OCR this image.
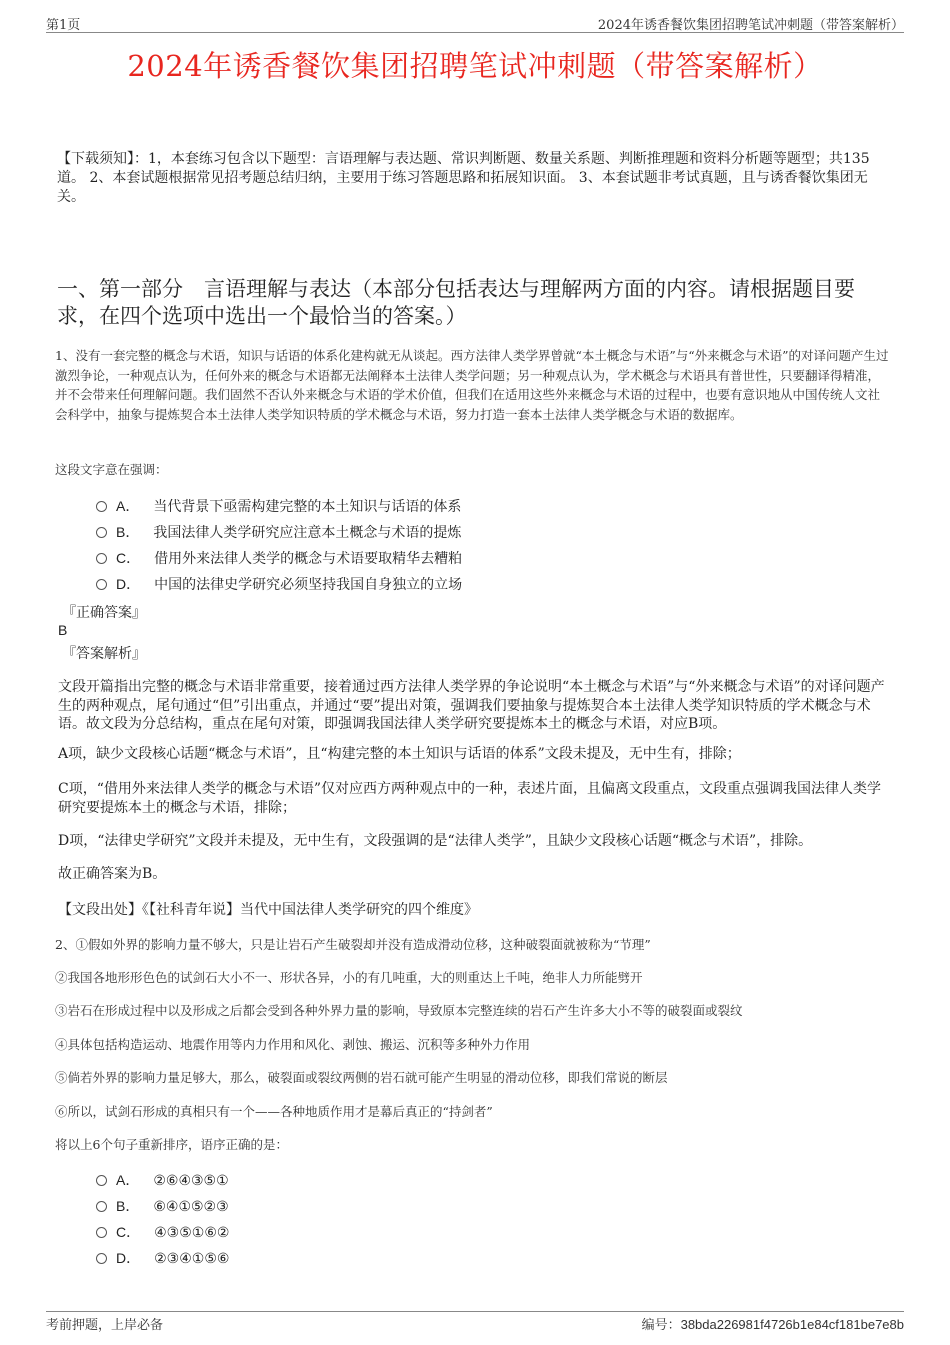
第1页	2024年诱香餐饮集团招聘笔试冲刺题（带答案解析）
2024年诱香餐饮集团招聘笔试冲刺题（带答案解析）
【下载须知】：1，本套练习包含以下题型：言语理解与表达题、常识判断题、数量关系题、判断推理题和资料分析题等题型；共135道。 2、本套试题根据常见招考题总结归纳，主要用于练习答题思路和拓展知识面。 3、本套试题非考试真题，且与诱香餐饮集团无关。
一、第一部分　言语理解与表达（本部分包括表达与理解两方面的内容。请根据题目要求，在四个选项中选出一个最恰当的答案。）
1、没有一套完整的概念与术语，知识与话语的体系化建构就无从谈起。西方法律人类学界曾就“本土概念与术语”与“外来概念与术语”的对译问题产生过激烈争论，一种观点认为，任何外来的概念与术语都无法阐释本土法律人类学问题；另一种观点认为，学术概念与术语具有普世性，只要翻译得精准，并不会带来任何理解问题。我们固然不否认外来概念与术语的学术价值，但我们在适用这些外来概念与术语的过程中，也要有意识地从中国传统人文社会科学中，抽象与提炼契合本土法律人类学知识特质的学术概念与术语，努力打造一套本土法律人类学概念与术语的数据库。
这段文字意在强调：
A． 当代背景下亟需构建完整的本土知识与话语的体系
B． 我国法律人类学研究应注意本土概念与术语的提炼
C． 借用外来法律人类学的概念与术语要取精华去糟粕
D． 中国的法律史学研究必须坚持我国自身独立的立场
『正确答案』
B
『答案解析』
文段开篇指出完整的概念与术语非常重要，接着通过西方法律人类学界的争论说明“本土概念与术语”与“外来概念与术语”的对译问题产生的两种观点，尾句通过“但”引出重点，并通过“要”提出对策，强调我们要抽象与提炼契合本土法律人类学知识特质的学术概念与术语。故文段为分总结构，重点在尾句对策，即强调我国法律人类学研究要提炼本土的概念与术语，对应B项。
A项，缺少文段核心话题“概念与术语”，且“构建完整的本土知识与话语的体系”文段未提及，无中生有，排除；
C项，“借用外来法律人类学的概念与术语”仅对应西方两种观点中的一种，表述片面，且偏离文段重点，文段重点强调我国法律人类学研究要提炼本土的概念与术语，排除；
D项，“法律史学研究”文段并未提及，无中生有，文段强调的是“法律人类学”，且缺少文段核心话题“概念与术语”，排除。
故正确答案为B。
【文段出处】《【社科青年说】当代中国法律人类学研究的四个维度》
2、①假如外界的影响力量不够大，只是让岩石产生破裂却并没有造成滑动位移，这种破裂面就被称为“节理”
②我国各地形形色色的试剑石大小不一、形状各异，小的有几吨重，大的则重达上千吨，绝非人力所能劈开
③岩石在形成过程中以及形成之后都会受到各种外界力量的影响，导致原本完整连续的岩石产生许多大小不等的破裂面或裂纹
④具体包括构造运动、地震作用等内力作用和风化、剥蚀、搬运、沉积等多种外力作用
⑤倘若外界的影响力量足够大，那么，破裂面或裂纹两侧的岩石就可能产生明显的滑动位移，即我们常说的断层
⑥所以，试剑石形成的真相只有一个——各种地质作用才是幕后真正的“持剑者”
将以上6个句子重新排序，语序正确的是：
A． ②⑥④③⑤①
B． ⑥④①⑤②③
C． ④③⑤①⑥②
D． ②③④①⑤⑥
考前押题，上岸必备	编号：38bda226981f4726b1e84cf181be7e8b
